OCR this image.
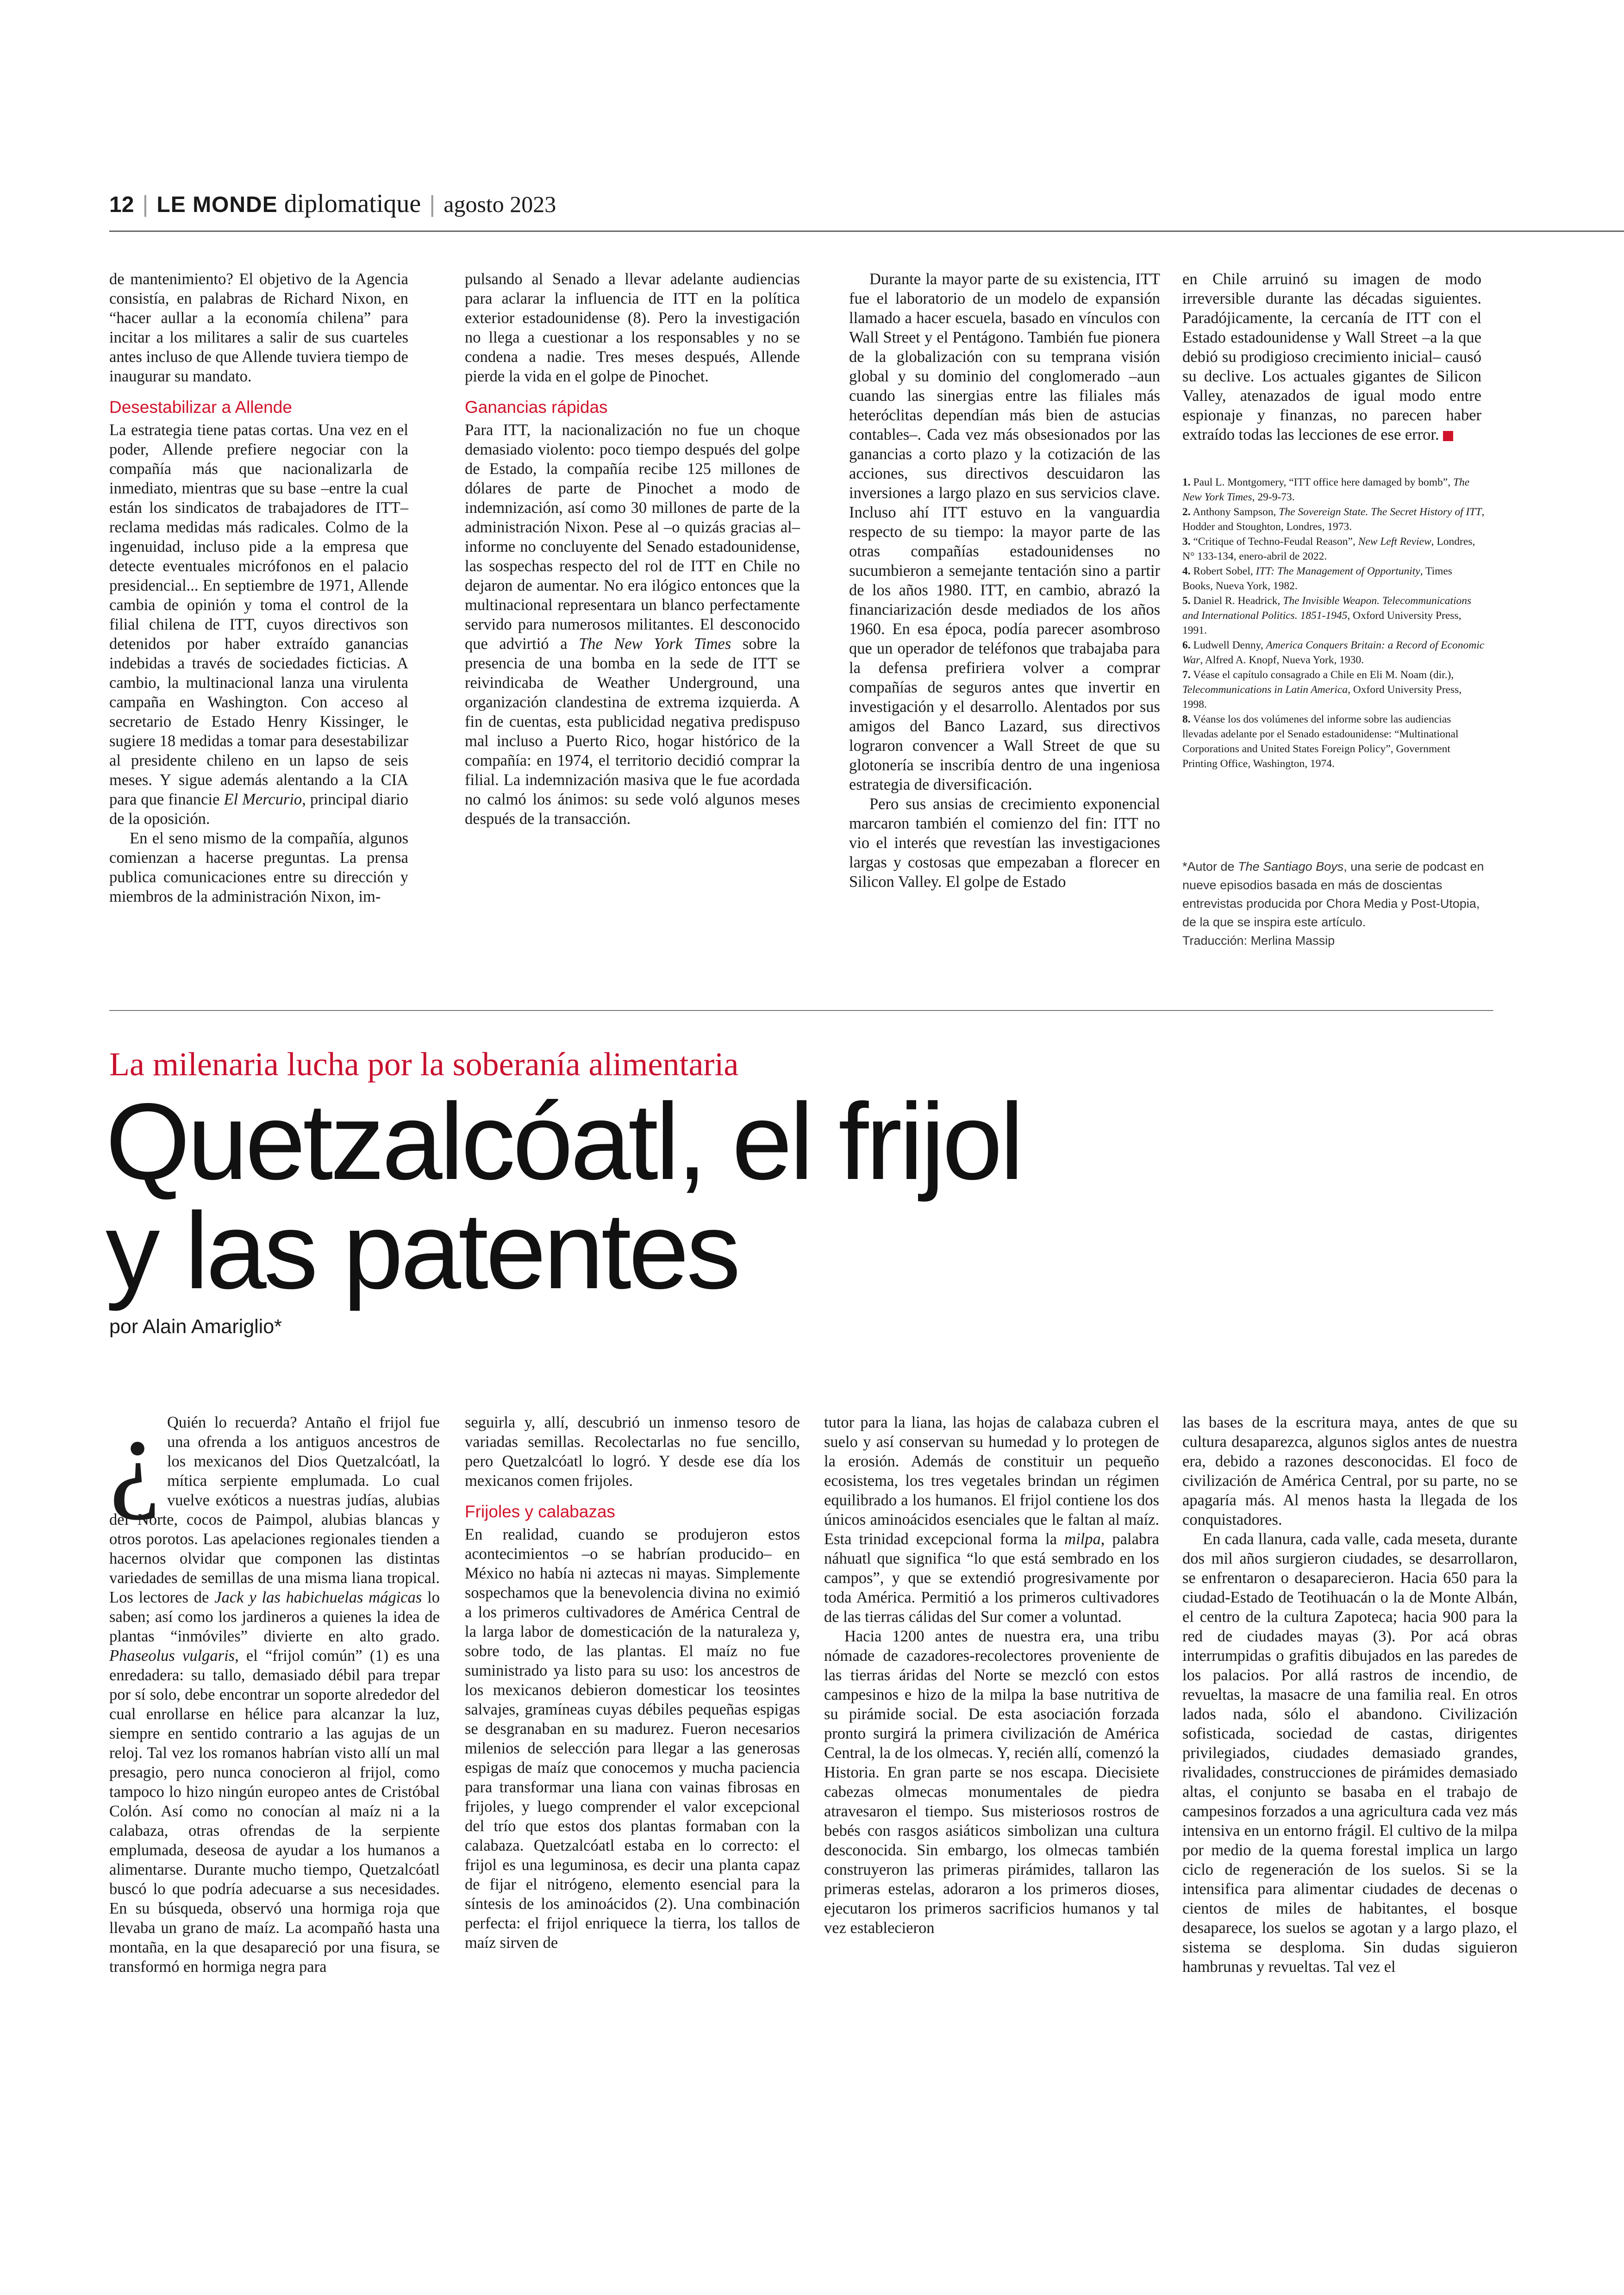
12 | LE MONDE diplomatique | agosto 2023

de mantenimiento? El objetivo de la Agencia consistía, en palabras de Richard Nixon, en “hacer aullar a la economía chilena” para incitar a los militares a salir de sus cuarteles antes incluso de que Allende tuviera tiempo de inaugurar su mandato.

Desestabilizar a Allende

La estrategia tiene patas cortas. Una vez en el poder, Allende prefiere negociar con la compañía más que nacionalizarla de inmediato, mientras que su base –entre la cual están los sindicatos de trabajadores de ITT– reclama medidas más radicales. Colmo de la ingenuidad, incluso pide a la empresa que detecte eventuales micrófonos en el palacio presidencial... En septiembre de 1971, Allende cambia de opinión y toma el control de la filial chilena de ITT, cuyos directivos son detenidos por haber extraído ganancias indebidas a través de sociedades ficticias. A cambio, la multinacional lanza una virulenta campaña en Washington. Con acceso al secretario de Estado Henry Kissinger, le sugiere 18 medidas a tomar para desestabilizar al presidente chileno en un lapso de seis meses. Y sigue además alentando a la CIA para que financie El Mercurio, principal diario de la oposición.

En el seno mismo de la compañía, algunos comienzan a hacerse preguntas. La prensa publica comunicaciones entre su dirección y miembros de la administración Nixon, im-

pulsando al Senado a llevar adelante audiencias para aclarar la influencia de ITT en la política exterior estadounidense (8). Pero la investigación no llega a cuestionar a los responsables y no se condena a nadie. Tres meses después, Allende pierde la vida en el golpe de Pinochet.

Ganancias rápidas

Para ITT, la nacionalización no fue un choque demasiado violento: poco tiempo después del golpe de Estado, la compañía recibe 125 millones de dólares de parte de Pinochet a modo de indemnización, así como 30 millones de parte de la administración Nixon. Pese al –o quizás gracias al– informe no concluyente del Senado estadounidense, las sospechas respecto del rol de ITT en Chile no dejaron de aumentar. No era ilógico entonces que la multinacional representara un blanco perfectamente servido para numerosos militantes. El desconocido que advirtió a The New York Times sobre la presencia de una bomba en la sede de ITT se reivindicaba de Weather Underground, una organización clandestina de extrema izquierda. A fin de cuentas, esta publicidad negativa predispuso mal incluso a Puerto Rico, hogar histórico de la compañía: en 1974, el territorio decidió comprar la filial. La indemnización masiva que le fue acordada no calmó los ánimos: su sede voló algunos meses después de la transacción.

Durante la mayor parte de su existencia, ITT fue el laboratorio de un modelo de expansión llamado a hacer escuela, basado en vínculos con Wall Street y el Pentágono. También fue pionera de la globalización con su temprana visión global y su dominio del conglomerado –aun cuando las sinergias entre las filiales más heteróclitas dependían más bien de astucias contables–. Cada vez más obsesionados por las ganancias a corto plazo y la cotización de las acciones, sus directivos descuidaron las inversiones a largo plazo en sus servicios clave. Incluso ahí ITT estuvo en la vanguardia respecto de su tiempo: la mayor parte de las otras compañías estadounidenses no sucumbieron a semejante tentación sino a partir de los años 1980. ITT, en cambio, abrazó la financiarización desde mediados de los años 1960. En esa época, podía parecer asombroso que un operador de teléfonos que trabajaba para la defensa prefiriera volver a comprar compañías de seguros antes que invertir en investigación y el desarrollo. Alentados por sus amigos del Banco Lazard, sus directivos lograron convencer a Wall Street de que su glotonería se inscribía dentro de una ingeniosa estrategia de diversificación.

Pero sus ansias de crecimiento exponencial marcaron también el comienzo del fin: ITT no vio el interés que revestían las investigaciones largas y costosas que empezaban a florecer en Silicon Valley. El golpe de Estado

en Chile arruinó su imagen de modo irreversible durante las décadas siguientes. Paradójicamente, la cercanía de ITT con el Estado estadounidense y Wall Street –a la que debió su prodigioso crecimiento inicial– causó su declive. Los actuales gigantes de Silicon Valley, atenazados de igual modo entre espionaje y finanzas, no parecen haber extraído todas las lecciones de ese error.

1. Paul L. Montgomery, “ITT office here damaged by bomb”, The New York Times, 29-9-73.

2. Anthony Sampson, The Sovereign State. The Secret History of ITT, Hodder and Stoughton, Londres, 1973.

3. “Critique of Techno-Feudal Reason”, New Left Review, Londres, N° 133-134, enero-abril de 2022.

4. Robert Sobel, ITT: The Management of Opportunity, Times Books, Nueva York, 1982.

5. Daniel R. Headrick, The Invisible Weapon. Telecommunications and International Politics. 1851-1945, Oxford University Press, 1991.

6. Ludwell Denny, America Conquers Britain: a Record of Economic War, Alfred A. Knopf, Nueva York, 1930.

7. Véase el capítulo consagrado a Chile en Eli M. Noam (dir.), Telecommunications in Latin America, Oxford University Press, 1998.

8. Véanse los dos volúmenes del informe sobre las audiencias llevadas adelante por el Senado estadounidense: “Multinational Corporations and United States Foreign Policy”, Government Printing Office, Washington, 1974.

*Autor de The Santiago Boys, una serie de podcast en nueve episodios basada en más de doscientas entrevistas producida por Chora Media y Post-Utopia, de la que se inspira este artículo.
Traducción: Merlina Massip
La milenaria lucha por la soberanía alimentaria
Quetzalcóatl, el frijol
y las patentes
por Alain Amariglio*

¿ Quién lo recuerda? Antaño el frijol fue una ofrenda a los antiguos ancestros de los mexicanos del Dios Quetzalcóatl, la mítica serpiente emplumada. Lo cual vuelve exóticos a nuestras judías, alubias del Norte, cocos de Paimpol, alubias blancas y otros porotos. Las apelaciones regionales tienden a hacernos olvidar que componen las distintas variedades de semillas de una misma liana tropical. Los lectores de Jack y las habichuelas mágicas lo saben; así como los jardineros a quienes la idea de plantas “inmóviles” divierte en alto grado. Phaseolus vulgaris, el “frijol común” (1) es una enredadera: su tallo, demasiado débil para trepar por sí solo, debe encontrar un soporte alrededor del cual enrollarse en hélice para alcanzar la luz, siempre en sentido contrario a las agujas de un reloj. Tal vez los romanos habrían visto allí un mal presagio, pero nunca conocieron al frijol, como tampoco lo hizo ningún europeo antes de Cristóbal Colón. Así como no conocían al maíz ni a la calabaza, otras ofrendas de la serpiente emplumada, deseosa de ayudar a los humanos a alimentarse. Durante mucho tiempo, Quetzalcóatl buscó lo que podría adecuarse a sus necesidades. En su búsqueda, observó una hormiga roja que llevaba un grano de maíz. La acompañó hasta una montaña, en la que desapareció por una fisura, se transformó en hormiga negra para

seguirla y, allí, descubrió un inmenso tesoro de variadas semillas. Recolectarlas no fue sencillo, pero Quetzalcóatl lo logró. Y desde ese día los mexicanos comen frijoles.

Frijoles y calabazas

En realidad, cuando se produjeron estos acontecimientos –o se habrían producido– en México no había ni aztecas ni mayas. Simplemente sospechamos que la benevolencia divina no eximió a los primeros cultivadores de América Central de la larga labor de domesticación de la naturaleza y, sobre todo, de las plantas. El maíz no fue suministrado ya listo para su uso: los ancestros de los mexicanos debieron domesticar los teosintes salvajes, gramíneas cuyas débiles pequeñas espigas se desgranaban en su madurez. Fueron necesarios milenios de selección para llegar a las generosas espigas de maíz que conocemos y mucha paciencia para transformar una liana con vainas fibrosas en frijoles, y luego comprender el valor excepcional del trío que estos dos plantas formaban con la calabaza. Quetzalcóatl estaba en lo correcto: el frijol es una leguminosa, es decir una planta capaz de fijar el nitrógeno, elemento esencial para la síntesis de los aminoácidos (2). Una combinación perfecta: el frijol enriquece la tierra, los tallos de maíz sirven de

tutor para la liana, las hojas de calabaza cubren el suelo y así conservan su humedad y lo protegen de la erosión. Además de constituir un pequeño ecosistema, los tres vegetales brindan un régimen equilibrado a los humanos. El frijol contiene los dos únicos aminoácidos esenciales que le faltan al maíz. Esta trinidad excepcional forma la milpa, palabra náhuatl que significa “lo que está sembrado en los campos”, y que se extendió progresivamente por toda América. Permitió a los primeros cultivadores de las tierras cálidas del Sur comer a voluntad.

Hacia 1200 antes de nuestra era, una tribu nómade de cazadores-recolectores proveniente de las tierras áridas del Norte se mezcló con estos campesinos e hizo de la milpa la base nutritiva de su pirámide social. De esta asociación forzada pronto surgirá la primera civilización de América Central, la de los olmecas. Y, recién allí, comenzó la Historia. En gran parte se nos escapa. Diecisiete cabezas olmecas monumentales de piedra atravesaron el tiempo. Sus misteriosos rostros de bebés con rasgos asiáticos simbolizan una cultura desconocida. Sin embargo, los olmecas también construyeron las primeras pirámides, tallaron las primeras estelas, adoraron a los primeros dioses, ejecutaron los primeros sacrificios humanos y tal vez establecieron

las bases de la escritura maya, antes de que su cultura desaparezca, algunos siglos antes de nuestra era, debido a razones desconocidas. El foco de civilización de América Central, por su parte, no se apagaría más. Al menos hasta la llegada de los conquistadores.

En cada llanura, cada valle, cada meseta, durante dos mil años surgieron ciudades, se desarrollaron, se enfrentaron o desaparecieron. Hacia 650 para la ciudad-Estado de Teotihuacán o la de Monte Albán, el centro de la cultura Zapoteca; hacia 900 para la red de ciudades mayas (3). Por acá obras interrumpidas o grafitis dibujados en las paredes de los palacios. Por allá rastros de incendio, de revueltas, la masacre de una familia real. En otros lados nada, sólo el abandono. Civilización sofisticada, sociedad de castas, dirigentes privilegiados, ciudades demasiado grandes, rivalidades, construcciones de pirámides demasiado altas, el conjunto se basaba en el trabajo de campesinos forzados a una agricultura cada vez más intensiva en un entorno frágil. El cultivo de la milpa por medio de la quema forestal implica un largo ciclo de regeneración de los suelos. Si se la intensifica para alimentar ciudades de decenas o cientos de miles de habitantes, el bosque desaparece, los suelos se agotan y a largo plazo, el sistema se desploma. Sin dudas siguieron hambrunas y revueltas. Tal vez el
